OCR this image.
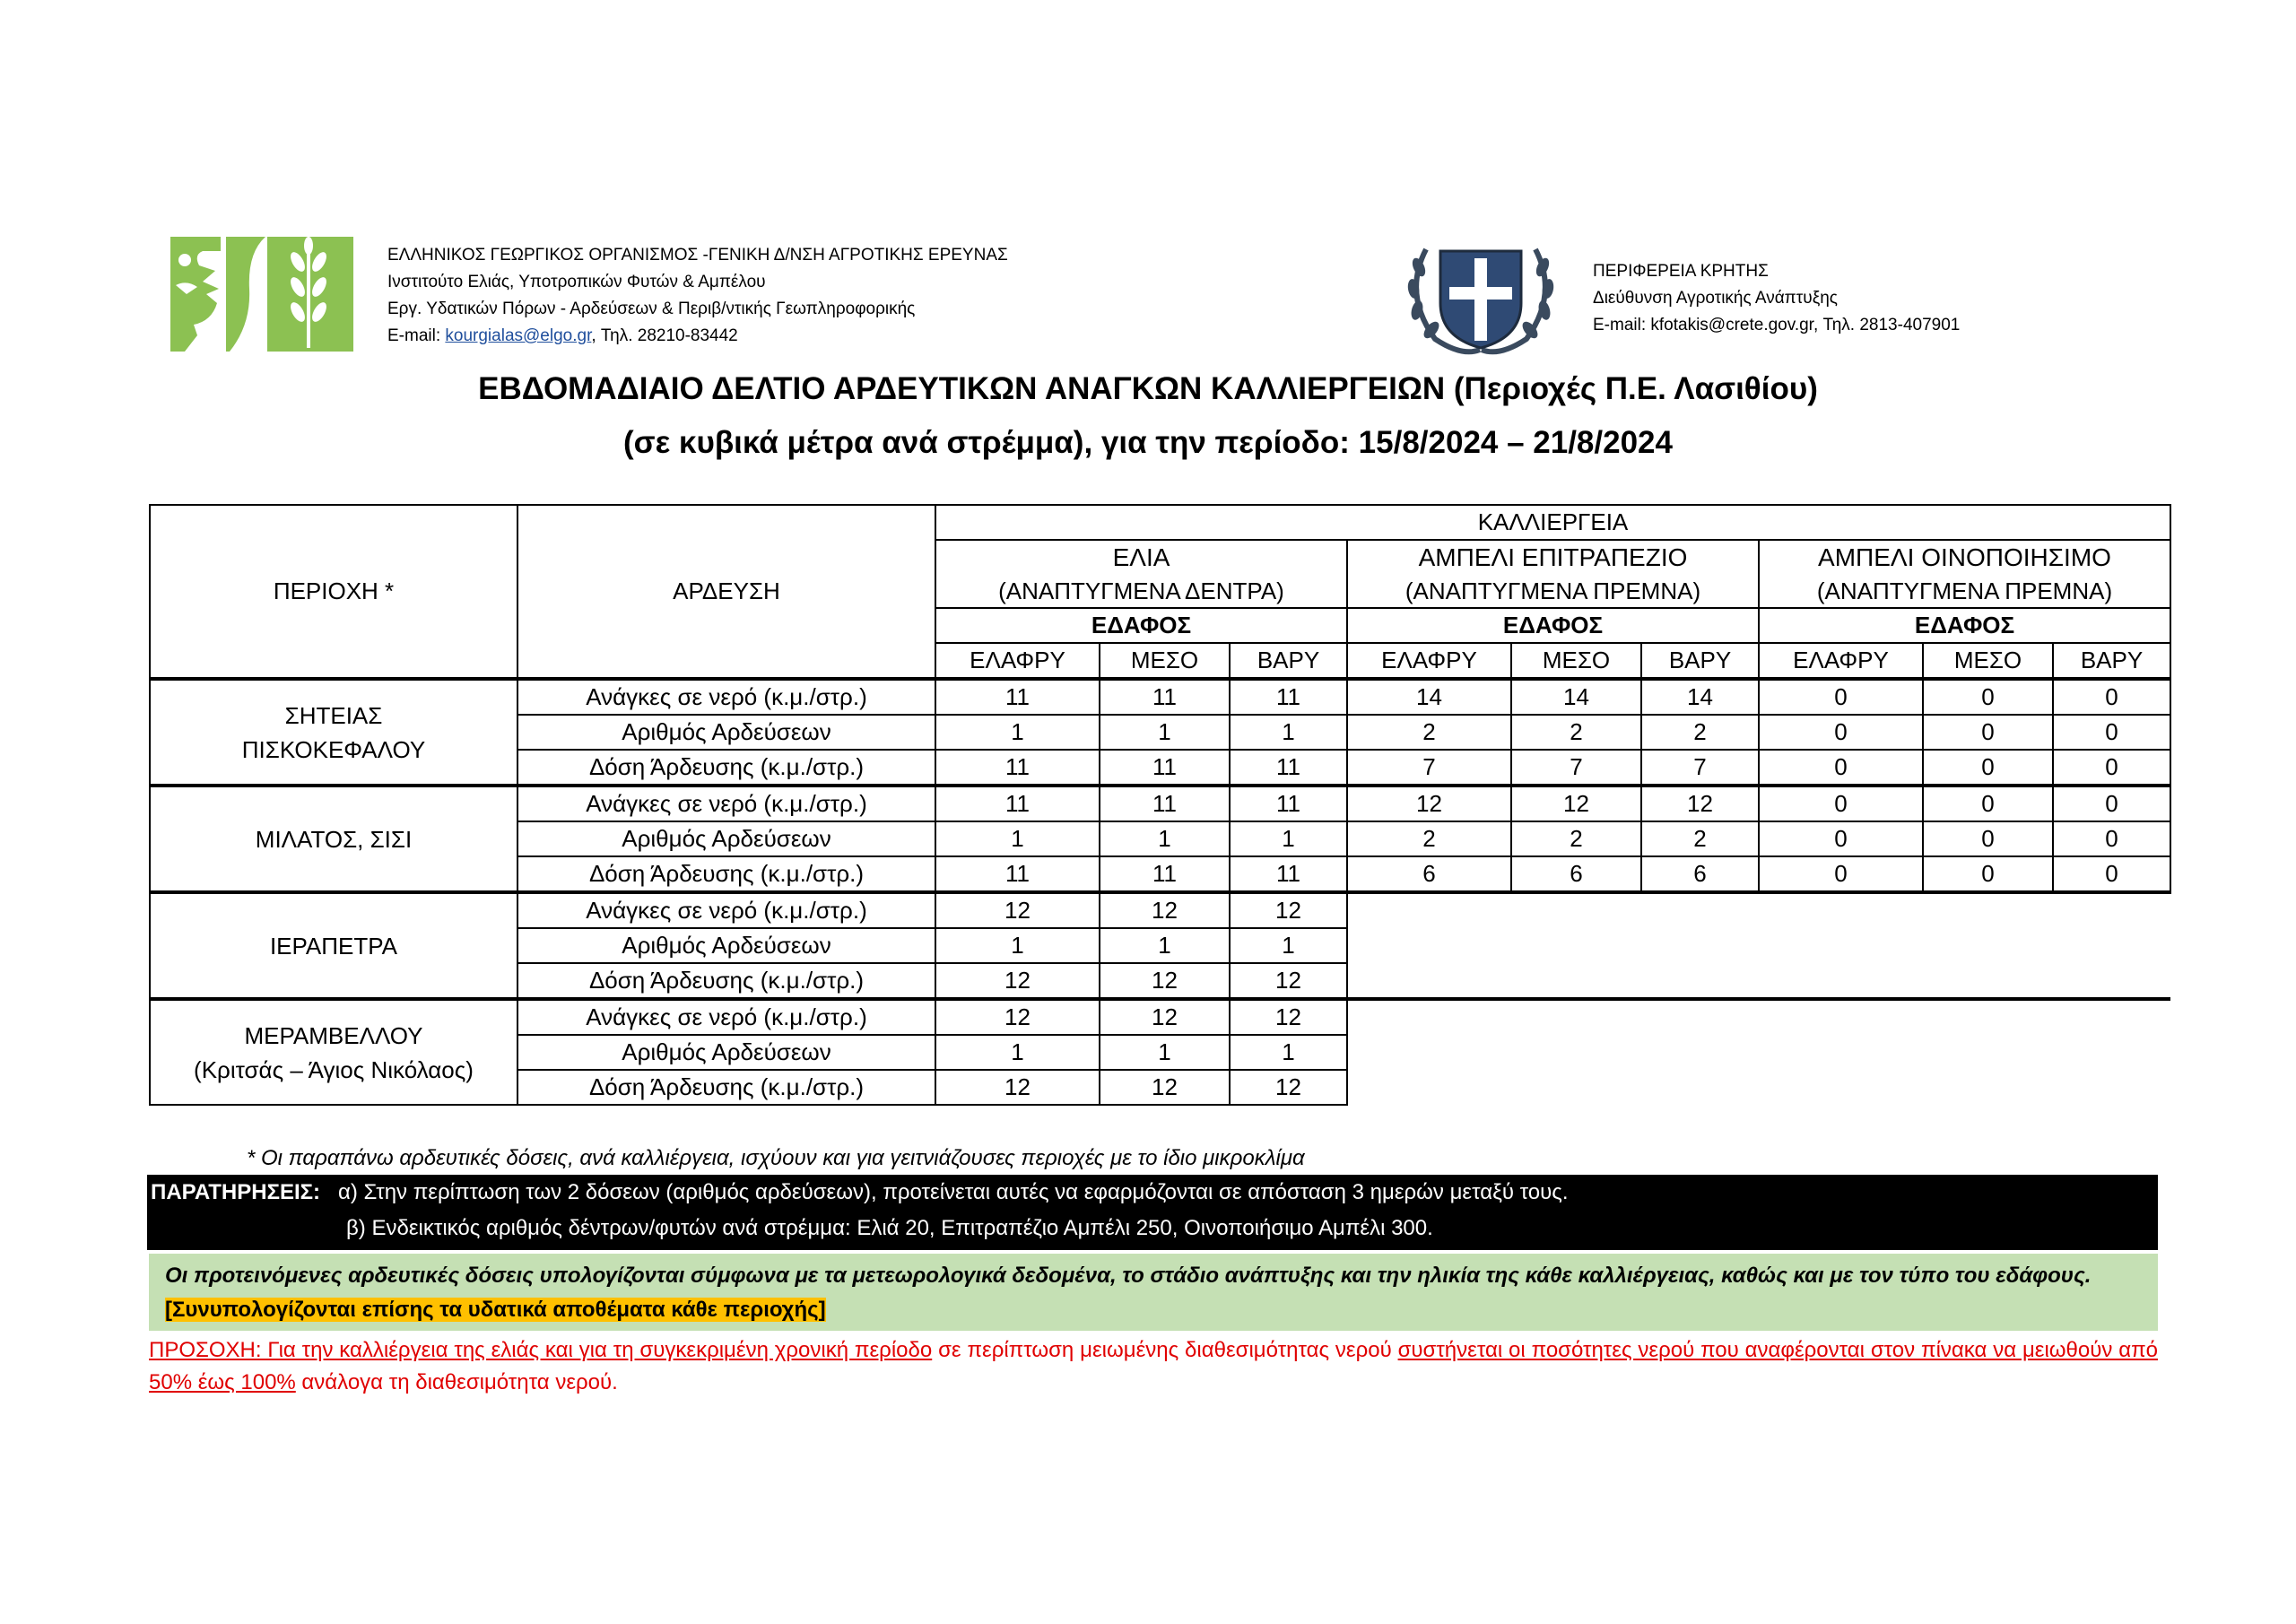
ΕΛΛΗΝΙΚΟΣ ΓΕΩΡΓΙΚΟΣ ΟΡΓΑΝΙΣΜΟΣ -ΓΕΝΙΚΗ Δ/ΝΣΗ ΑΓΡΟΤΙΚΗΣ ΕΡΕΥΝΑΣ
Ινστιτούτο Ελιάς, Υποτροπικών Φυτών & Αμπέλου
Εργ. Υδατικών Πόρων - Αρδεύσεων & Περιβ/ντικής Γεωπληροφορικής
E-mail: kourgialas@elgo.gr, Τηλ. 28210-83442
ΠΕΡΙΦΕΡΕΙΑ ΚΡΗΤΗΣ
Διεύθυνση Αγροτικής Ανάπτυξης
E-mail: kfotakis@crete.gov.gr, Τηλ. 2813-407901
ΕΒΔΟΜΑΔΙΑΙΟ ΔΕΛΤΙΟ ΑΡΔΕΥΤΙΚΩΝ ΑΝΑΓΚΩΝ ΚΑΛΛΙΕΡΓΕΙΩΝ (Περιοχές Π.Ε. Λασιθίου)
(σε κυβικά μέτρα ανά στρέμμα), για την περίοδο: 15/8/2024 – 21/8/2024
ΠΕΡΙΟΧΗ *	ΑΡΔΕΥΣΗ	ΚΑΛΛΙΕΡΓΕΙΑ								
		ΕΛΙΑ			ΑΜΠΕΛΙ ΕΠΙΤΡΑΠΕΖΙΟ			ΑΜΠΕΛΙ ΟΙΝΟΠΟΙΗΣΙΜΟ		
		(ΑΝΑΠΤΥΓΜΕΝΑ ΔΕΝΤΡΑ)			(ΑΝΑΠΤΥΓΜΕΝΑ ΠΡΕΜΝΑ)			(ΑΝΑΠΤΥΓΜΕΝΑ ΠΡΕΜΝΑ)		
		ΕΔΑΦΟΣ			ΕΔΑΦΟΣ			ΕΔΑΦΟΣ		
		ΕΛΑΦΡΥ	ΜΕΣΟ	ΒΑΡΥ	ΕΛΑΦΡΥ	ΜΕΣΟ	ΒΑΡΥ	ΕΛΑΦΡΥ	ΜΕΣΟ	ΒΑΡΥ

ΣΗΤΕΙΑΣ
ΠΙΣΚΟΚΕΦΑΛΟΥ	Ανάγκες σε νερό (κ.μ./στρ.)	11	11	11	14	14	14	0	0	0
	Αριθμός Αρδεύσεων	1	1	1	2	2	2	0	0	0
	Δόση Άρδευσης (κ.μ./στρ.)	11	11	11	7	7	7	0	0	0

ΜΙΛΑΤΟΣ, ΣΙΣΙ	Ανάγκες σε νερό (κ.μ./στρ.)	11	11	11	12	12	12	0	0	0
	Αριθμός Αρδεύσεων	1	1	1	2	2	2	0	0	0
	Δόση Άρδευσης (κ.μ./στρ.)	11	11	11	6	6	6	0	0	0

ΙΕΡΑΠΕΤΡΑ	Ανάγκες σε νερό (κ.μ./στρ.)	12	12	12						
	Αριθμός Αρδεύσεων	1	1	1						
	Δόση Άρδευσης (κ.μ./στρ.)	12	12	12						

ΜΕΡΑΜΒΕΛΛΟΥ
(Κριτσάς – Άγιος Νικόλαος)	Ανάγκες σε νερό (κ.μ./στρ.)	12	12	12						
	Αριθμός Αρδεύσεων	1	1	1						
	Δόση Άρδευσης (κ.μ./στρ.)	12	12	12						
* Οι παραπάνω αρδευτικές δόσεις, ανά καλλιέργεια, ισχύουν και για γειτνιάζουσες περιοχές με το ίδιο μικροκλίμα
ΠΑΡΑΤΗΡΗΣΕΙΣ: α) Στην περίπτωση των 2 δόσεων (αριθμός αρδεύσεων), προτείνεται αυτές να εφαρμόζονται σε απόσταση 3 ημερών μεταξύ τους.
β) Ενδεικτικός αριθμός δέντρων/φυτών ανά στρέμμα: Ελιά 20, Επιτραπέζιο Αμπέλι 250, Οινοποιήσιμο Αμπέλι 300.
Οι προτεινόμενες αρδευτικές δόσεις υπολογίζονται σύμφωνα με τα μετεωρολογικά δεδομένα, το στάδιο ανάπτυξης και την ηλικία της κάθε καλλιέργειας, καθώς και με τον τύπο του εδάφους. [Συνυπολογίζονται επίσης τα υδατικά αποθέματα κάθε περιοχής]
ΠΡΟΣΟΧΗ: Για την καλλιέργεια της ελιάς και για τη συγκεκριμένη χρονική περίοδο σε περίπτωση μειωμένης διαθεσιμότητας νερού συστήνεται οι ποσότητες νερού που αναφέρονται στον πίνακα να μειωθούν από 50% έως 100% ανάλογα τη διαθεσιμότητα νερού.
